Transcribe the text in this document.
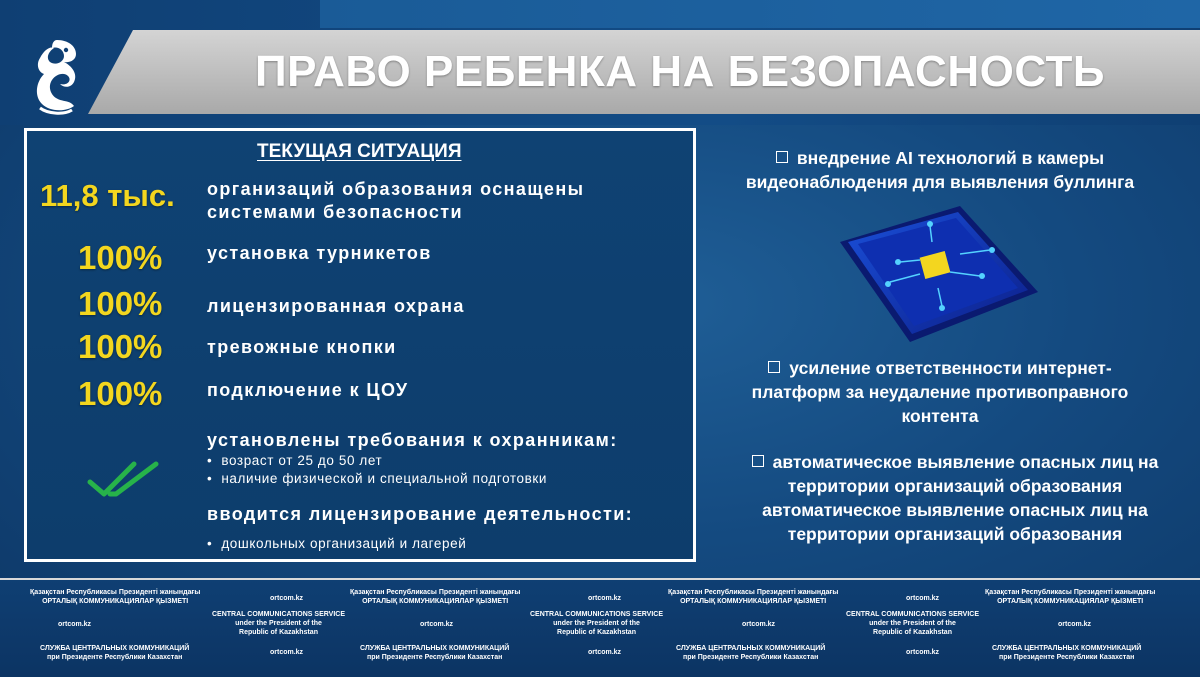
ПРАВО РЕБЕНКА НА БЕЗОПАСНОСТЬ
ТЕКУЩАЯ СИТУАЦИЯ
11,8 тыс. организаций образования оснащены
системами безопасности
100% установка турникетов
100% лицензированная охрана
100% тревожные кнопки
100% подключение к ЦОУ
установлены требования к охранникам:
• возраст от 25 до 50 лет
• наличие физической и специальной подготовки
вводится лицензирование деятельности:
• дошкольных организаций и лагерей
внедрение AI технологий в камеры
видеонаблюдения для выявления буллинга
усиление ответственности интернет-
платформ за неудаление противоправного
контента
автоматическое выявление опасных лиц на
территории организаций образования
автоматическое выявление опасных лиц на
территории организаций образования
Қазақстан Республикасы Президенті жанындағы
ОРТАЛЫҚ КОММУНИКАЦИЯЛАР ҚЫЗМЕТІ	ortcom.kz
Қазақстан Республикасы Президенті жанындағы
ОРТАЛЫҚ КОММУНИКАЦИЯЛАР ҚЫЗМЕТІ	ortcom.kz
Қазақстан Республикасы Президенті жанындағы
ОРТАЛЫҚ КОММУНИКАЦИЯЛАР ҚЫЗМЕТІ	ortcom.kz
Қазақстан Республикасы Президенті жанындағы
ОРТАЛЫҚ КОММУНИКАЦИЯЛАР ҚЫЗМЕТІ
ortcom.kz
CENTRAL COMMUNICATIONS SERVICE
under the President of the
Republic of Kazakhstan
ortcom.kz
CENTRAL COMMUNICATIONS SERVICE
under the President of the
Republic of Kazakhstan
ortcom.kz
CENTRAL COMMUNICATIONS SERVICE
under the President of the
Republic of Kazakhstan
ortcom.kz
СЛУЖБА ЦЕНТРАЛЬНЫХ КОММУНИКАЦИЙ
при Президенте Республики Казахстан
ortcom.kz
СЛУЖБА ЦЕНТРАЛЬНЫХ КОММУНИКАЦИЙ
при Президенте Республики Казахстан
ortcom.kz
СЛУЖБА ЦЕНТРАЛЬНЫХ КОММУНИКАЦИЙ
при Президенте Республики Казахстан
ortcom.kz
СЛУЖБА ЦЕНТРАЛЬНЫХ КОММУНИКАЦИЙ
при Президенте Республики Казахстан
